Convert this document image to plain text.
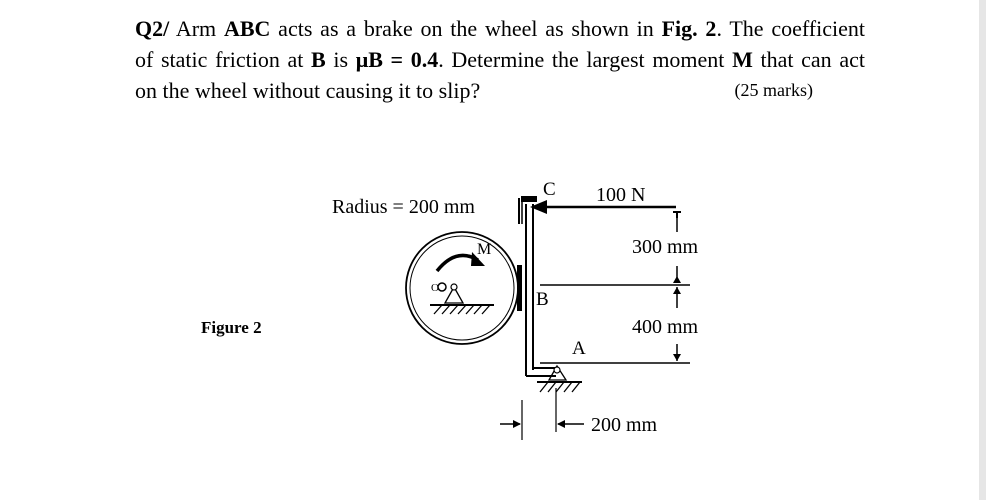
Q2/ Arm ABC acts as a brake on the wheel as shown in Fig. 2. The coefficient
of static friction at B is μB = 0.4. Determine the largest moment M that can act
on the wheel without causing it to slip?	(25 marks)
Figure 2
Radius = 200 mm
M
O
C
B
A
100 N
300 mm
400 mm
200 mm
